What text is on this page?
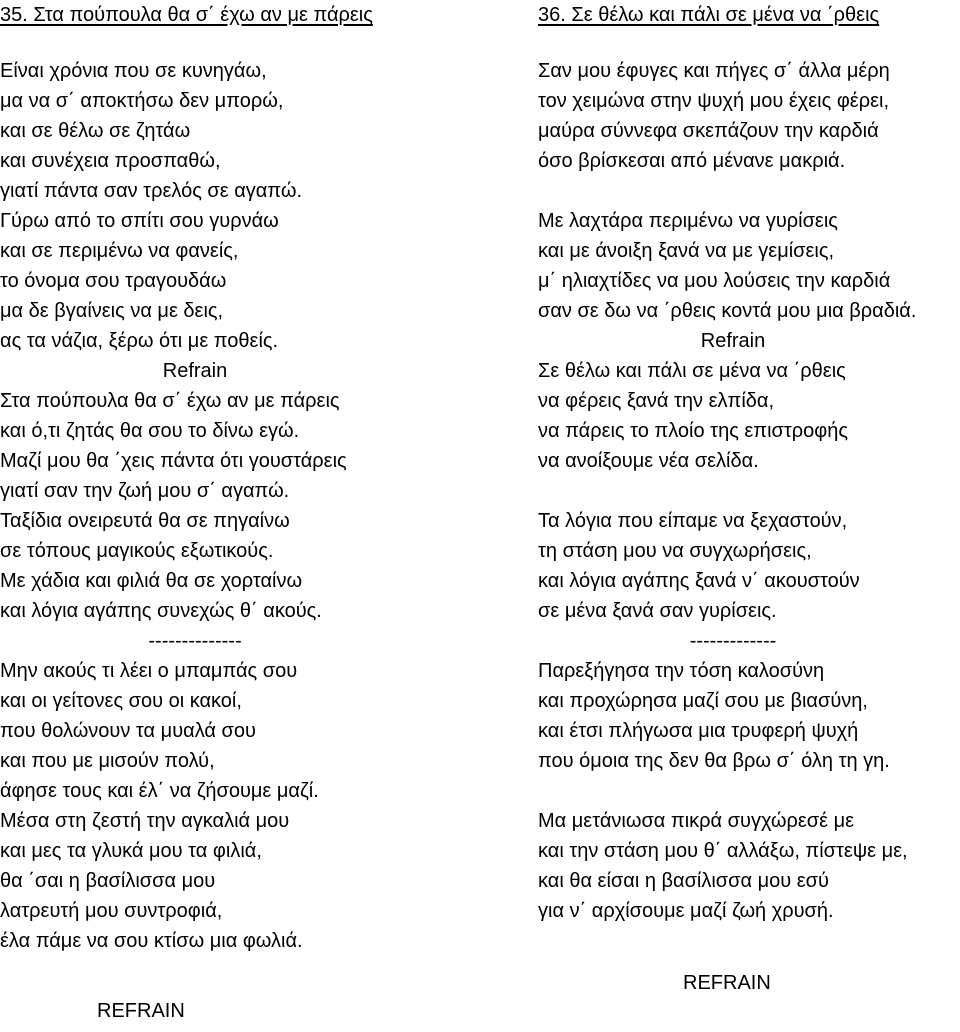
35. Στα πούπουλα θα σ΄ έχω αν με πάρεις
Είναι χρόνια που σε κυνηγάω,
μα να σ΄ αποκτήσω δεν μπορώ,
και σε θέλω σε ζητάω
και συνέχεια προσπαθώ,
γιατί πάντα σαν τρελός σε αγαπώ.
Γύρω από το σπίτι σου γυρνάω
και σε περιμένω να φανείς,
το όνομα σου τραγουδάω
μα δε βγαίνεις να με δεις,
ας τα νάζια, ξέρω ότι με ποθείς.
Refrain
Στα πούπουλα θα σ΄ έχω αν με πάρεις
και ό,τι ζητάς θα σου το δίνω εγώ.
Μαζί μου θα ΄χεις πάντα ότι γουστάρεις
γιατί σαν την ζωή μου σ΄ αγαπώ.
Ταξίδια ονειρευτά θα σε πηγαίνω
σε τόπους μαγικούς εξωτικούς.
Με χάδια και φιλιά θα σε χορταίνω
και λόγια αγάπης συνεχώς θ΄ ακούς.
--------------
Μην ακούς τι λέει ο μπαμπάς σου
και οι γείτονες σου οι κακοί,
που θολώνουν τα μυαλά σου
και που με μισούν πολύ,
άφησε τους και έλ΄ να ζήσουμε μαζί.
Μέσα στη ζεστή την αγκαλιά μου
και μες τα γλυκά μου τα φιλιά,
θα ΄σαι η βασίλισσα μου
λατρευτή μου συντροφιά,
έλα πάμε να σου κτίσω μια φωλιά.
REFRAIN
36. Σε θέλω και πάλι σε μένα να ΄ρθεις
Σαν μου έφυγες και πήγες σ΄ άλλα μέρη
τον χειμώνα στην ψυχή μου έχεις φέρει,
μαύρα σύννεφα σκεπάζουν την καρδιά
όσο βρίσκεσαι από μένανε μακριά.
Με λαχτάρα περιμένω να γυρίσεις
και με άνοιξη ξανά να με γεμίσεις,
μ΄ ηλιαχτίδες να μου λούσεις την καρδιά
σαν σε δω να ΄ρθεις κοντά μου μια βραδιά.
Refrain
Σε θέλω και πάλι σε μένα να ΄ρθεις
να φέρεις ξανά την ελπίδα,
να πάρεις το πλοίο της επιστροφής
να ανοίξουμε νέα σελίδα.
Τα λόγια που είπαμε να ξεχαστούν,
τη στάση μου να συγχωρήσεις,
και λόγια αγάπης ξανά ν΄ ακουστούν
σε μένα ξανά σαν γυρίσεις.
-------------
Παρεξήγησα την τόση καλοσύνη
και προχώρησα μαζί σου με βιασύνη,
και έτσι πλήγωσα μια τρυφερή ψυχή
που όμοια της δεν θα βρω σ΄ όλη τη γη.
Μα μετάνιωσα πικρά συγχώρεσέ με
και την στάση μου θ΄ αλλάξω, πίστεψε με,
και θα είσαι η βασίλισσα μου εσύ
για ν΄ αρχίσουμε μαζί ζωή χρυσή.
REFRAIN
